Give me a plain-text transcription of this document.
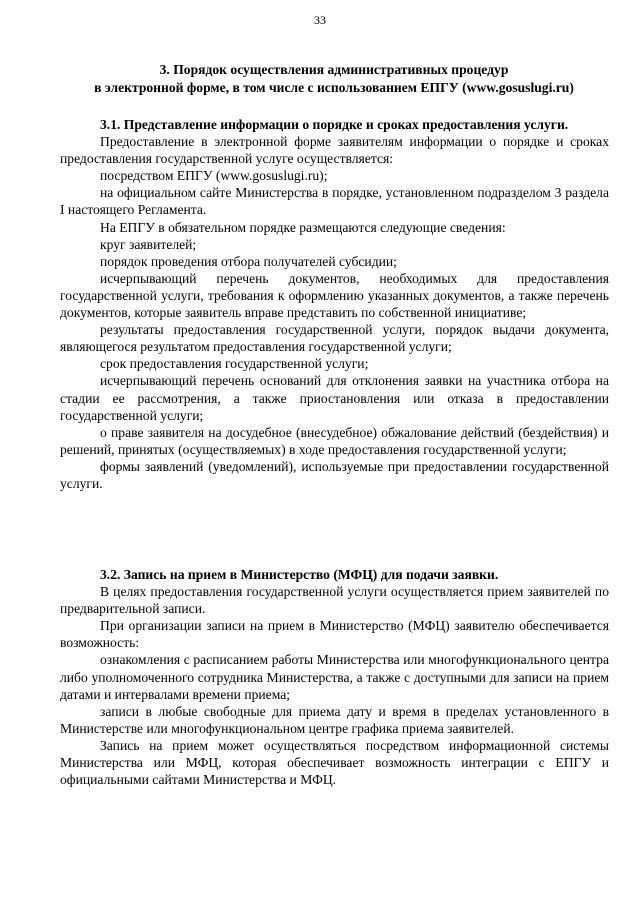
33
3. Порядок осуществления административных процедур
в электронной форме, в том числе с использованием ЕПГУ (www.gosuslugi.ru)

3.1. Представление информации о порядке и сроках предоставления услуги.

Предоставление в электронной форме заявителям информации о порядке и сроках предоставления государственной услуге осуществляется:

посредством ЕПГУ (www.gosuslugi.ru);

на официальном сайте Министерства в порядке, установленном подразделом 3 раздела I настоящего Регламента.

На ЕПГУ в обязательном порядке размещаются следующие сведения:

круг заявителей;

порядок проведения отбора получателей субсидии;

исчерпывающий перечень документов, необходимых для предоставления государственной услуги, требования к оформлению указанных документов, а также перечень документов, которые заявитель вправе представить по собственной инициативе;

результаты предоставления государственной услуги, порядок выдачи документа, являющегося результатом предоставления государственной услуги;

срок предоставления государственной услуги;

исчерпывающий перечень оснований для отклонения заявки на участника отбора на стадии ее рассмотрения, а также приостановления или отказа в предоставлении государственной услуги;

о праве заявителя на досудебное (внесудебное) обжалование действий (бездействия) и решений, принятых (осуществляемых) в ходе предоставления государственной услуги;

формы заявлений (уведомлений), используемые при предоставлении государственной услуги.

3.2. Запись на прием в Министерство (МФЦ) для подачи заявки.

В целях предоставления государственной услуги осуществляется прием заявителей по предварительной записи.

При организации записи на прием в Министерство (МФЦ) заявителю обеспечивается возможность:

ознакомления с расписанием работы Министерства или многофункционального центра либо уполномоченного сотрудника Министерства, а также с доступными для записи на прием датами и интервалами времени приема;

записи в любые свободные для приема дату и время в пределах установленного в Министерстве или многофункциональном центре графика приема заявителей.

Запись на прием может осуществляться посредством информационной системы Министерства или МФЦ, которая обеспечивает возможность интеграции с ЕПГУ и официальными сайтами Министерства и МФЦ.
